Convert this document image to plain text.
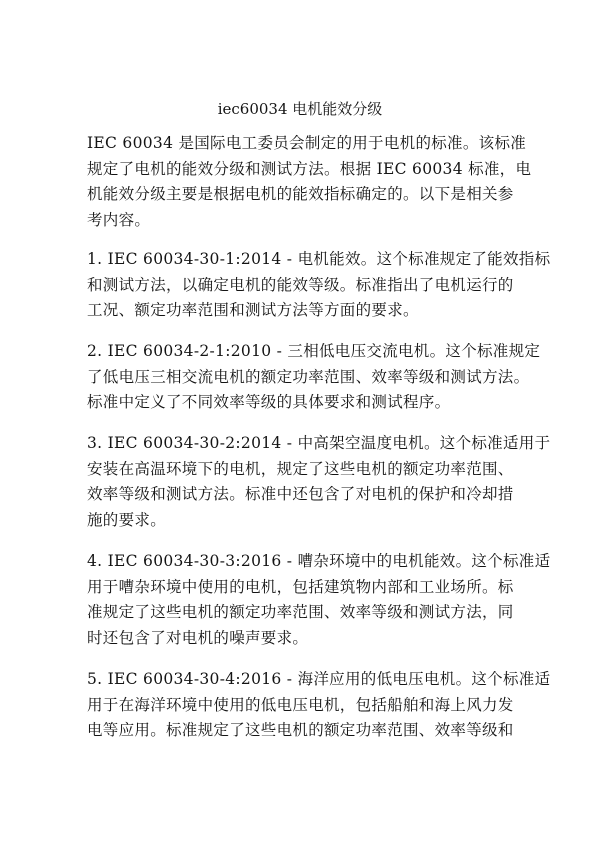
iec60034 电机能效分级

IEC 60034 是国际电工委员会制定的用于电机的标准。该标准
规定了电机的能效分级和测试方法。根据 IEC 60034 标准，电
机能效分级主要是根据电机的能效指标确定的。以下是相关参
考内容。

1. IEC 60034-30-1:2014 - 电机能效。这个标准规定了能效指标
和测试方法，以确定电机的能效等级。标准指出了电机运行的
工况、额定功率范围和测试方法等方面的要求。

2. IEC 60034-2-1:2010 - 三相低电压交流电机。这个标准规定
了低电压三相交流电机的额定功率范围、效率等级和测试方法。
标准中定义了不同效率等级的具体要求和测试程序。

3. IEC 60034-30-2:2014 - 中高架空温度电机。这个标准适用于
安装在高温环境下的电机，规定了这些电机的额定功率范围、
效率等级和测试方法。标准中还包含了对电机的保护和冷却措
施的要求。

4. IEC 60034-30-3:2016 - 嘈杂环境中的电机能效。这个标准适
用于嘈杂环境中使用的电机，包括建筑物内部和工业场所。标
准规定了这些电机的额定功率范围、效率等级和测试方法，同
时还包含了对电机的噪声要求。

5. IEC 60034-30-4:2016 - 海洋应用的低电压电机。这个标准适
用于在海洋环境中使用的低电压电机，包括船舶和海上风力发
电等应用。标准规定了这些电机的额定功率范围、效率等级和
